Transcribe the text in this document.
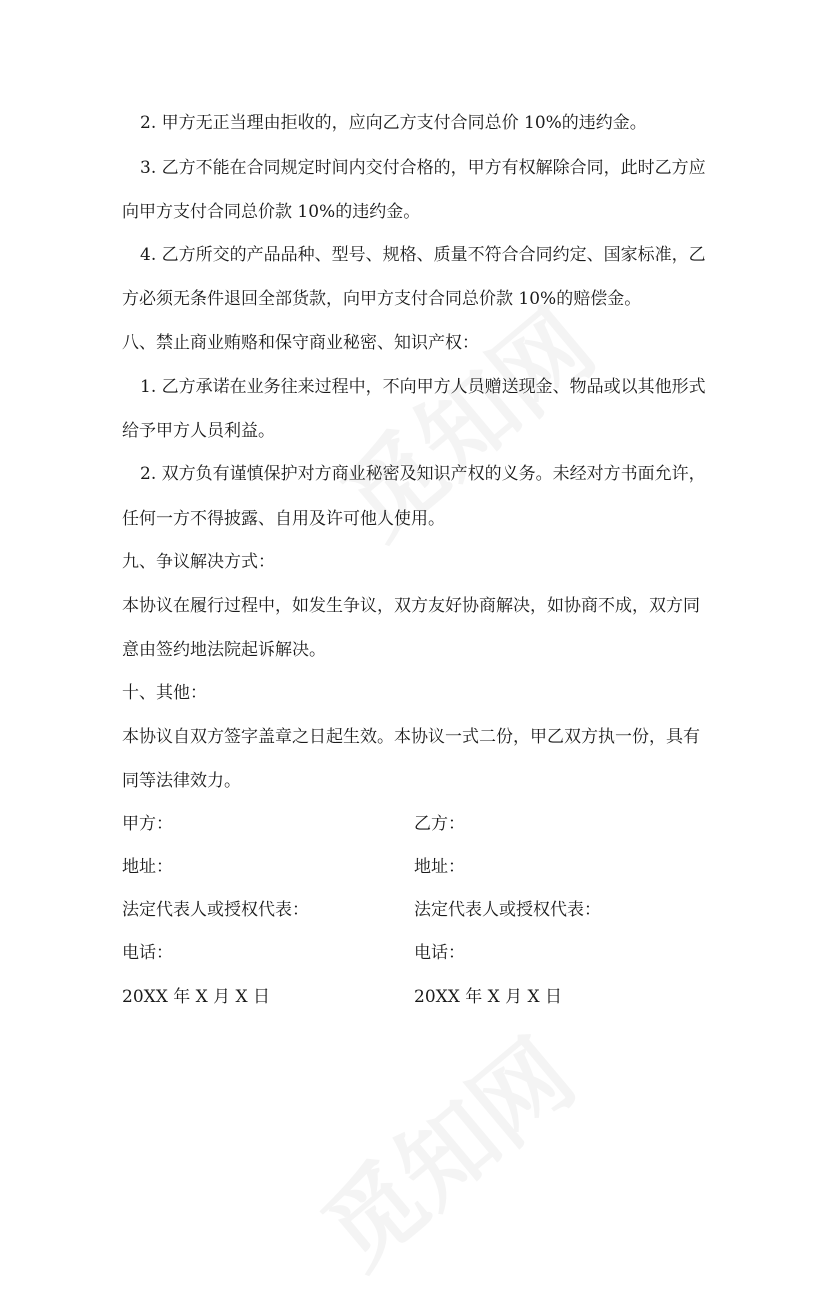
2. 甲方无正当理由拒收的，应向乙方支付合同总价 10%的违约金。
3. 乙方不能在合同规定时间内交付合格的，甲方有权解除合同，此时乙方应
向甲方支付合同总价款 10%的违约金。
4. 乙方所交的产品品种、型号、规格、质量不符合合同约定、国家标准，乙
方必须无条件退回全部货款，向甲方支付合同总价款 10%的赔偿金。
八、禁止商业贿赂和保守商业秘密、知识产权：
1. 乙方承诺在业务往来过程中，不向甲方人员赠送现金、物品或以其他形式
给予甲方人员利益。
2. 双方负有谨慎保护对方商业秘密及知识产权的义务。未经对方书面允许，
任何一方不得披露、自用及许可他人使用。
九、争议解决方式：
本协议在履行过程中，如发生争议，双方友好协商解决，如协商不成，双方同
意由签约地法院起诉解决。
十、其他：
本协议自双方签字盖章之日起生效。本协议一式二份，甲乙双方执一份，具有
同等法律效力。
甲方：	乙方：
地址：	地址：
法定代表人或授权代表：	法定代表人或授权代表：
电话：	电话：
20XX 年 X 月 X 日	20XX 年 X 月 X 日
